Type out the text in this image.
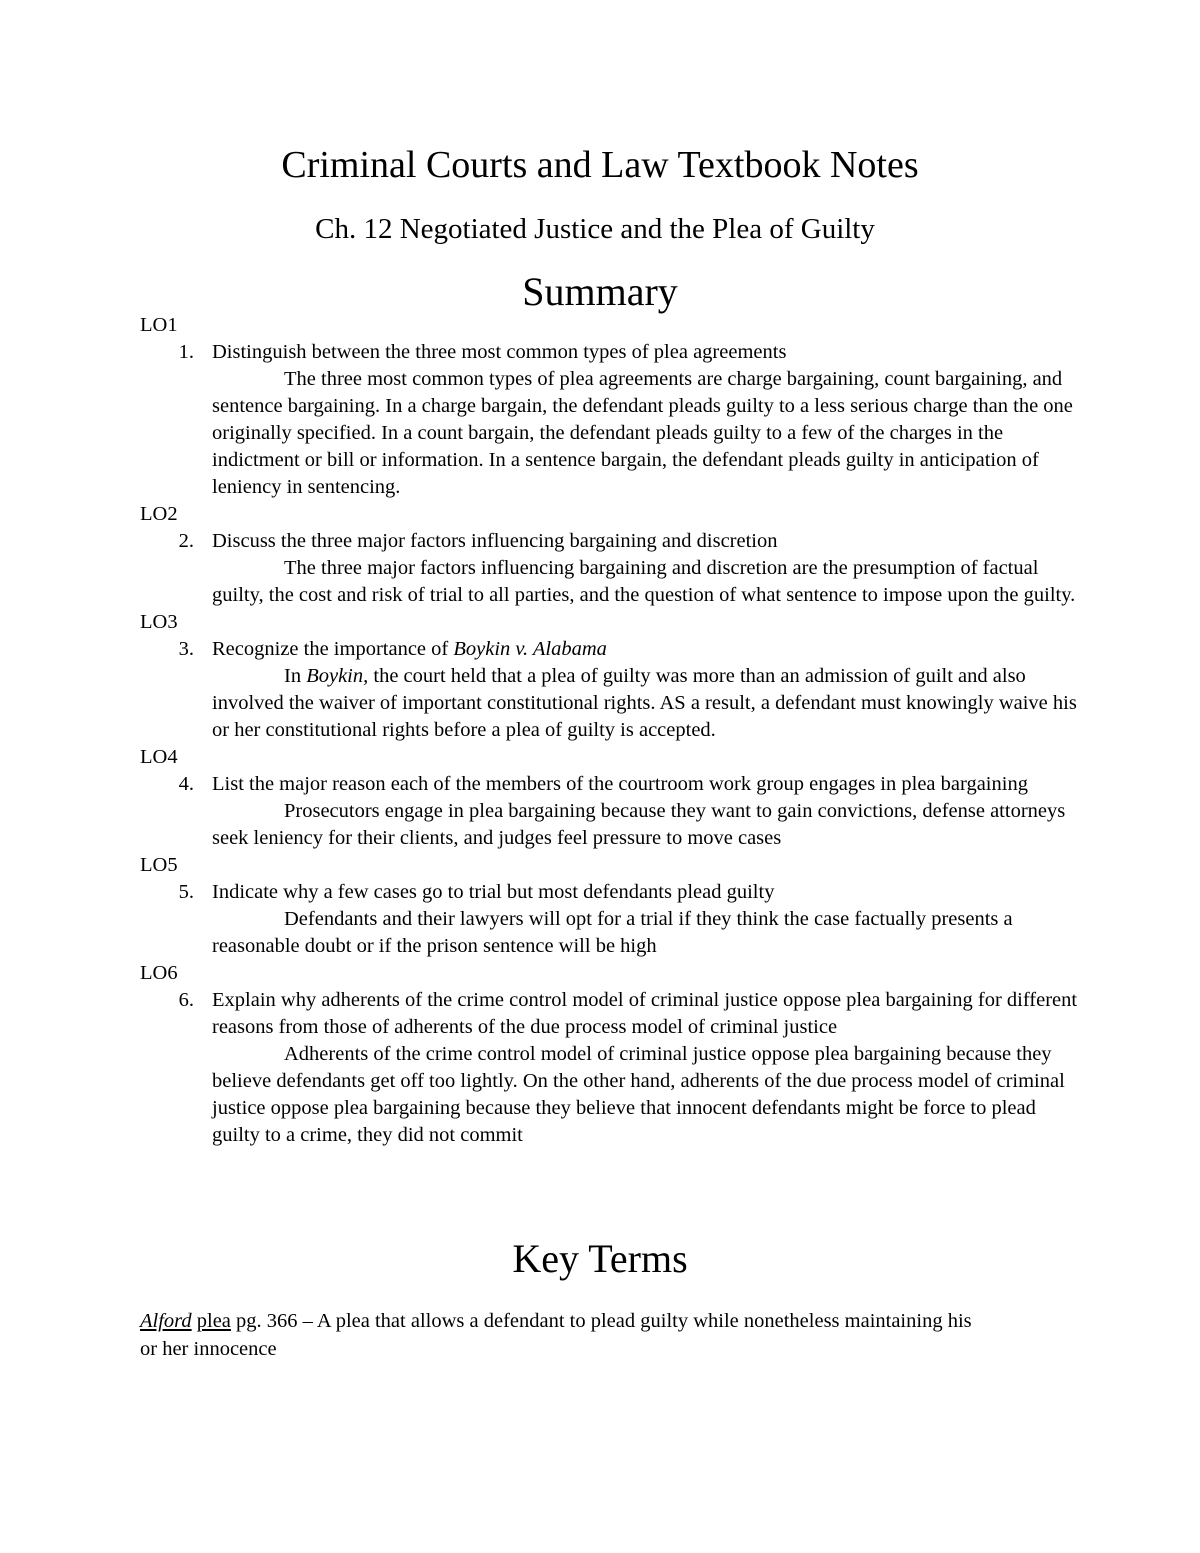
Criminal Courts and Law Textbook Notes
Ch. 12 Negotiated Justice and the Plea of Guilty
Summary
LO1
1. Distinguish between the three most common types of plea agreements

The three most common types of plea agreements are charge bargaining, count bargaining, and sentence bargaining. In a charge bargain, the defendant pleads guilty to a less serious charge than the one originally specified. In a count bargain, the defendant pleads guilty to a few of the charges in the indictment or bill or information. In a sentence bargain, the defendant pleads guilty in anticipation of leniency in sentencing.

LO2
2. Discuss the three major factors influencing bargaining and discretion

The three major factors influencing bargaining and discretion are the presumption of factual guilty, the cost and risk of trial to all parties, and the question of what sentence to impose upon the guilty.

LO3
3. Recognize the importance of Boykin v. Alabama

In Boykin, the court held that a plea of guilty was more than an admission of guilt and also involved the waiver of important constitutional rights. AS a result, a defendant must knowingly waive his or her constitutional rights before a plea of guilty is accepted.

LO4
4. List the major reason each of the members of the courtroom work group engages in plea bargaining

Prosecutors engage in plea bargaining because they want to gain convictions, defense attorneys seek leniency for their clients, and judges feel pressure to move cases

LO5
5. Indicate why a few cases go to trial but most defendants plead guilty

Defendants and their lawyers will opt for a trial if they think the case factually presents a reasonable doubt or if the prison sentence will be high

LO6
6. Explain why adherents of the crime control model of criminal justice oppose plea bargaining for different reasons from those of adherents of the due process model of criminal justice

Adherents of the crime control model of criminal justice oppose plea bargaining because they believe defendants get off too lightly. On the other hand, adherents of the due process model of criminal justice oppose plea bargaining because they believe that innocent defendants might be force to plead guilty to a crime, they did not commit

Key Terms

Alford plea pg. 366 – A plea that allows a defendant to plead guilty while nonetheless maintaining his or her innocence
